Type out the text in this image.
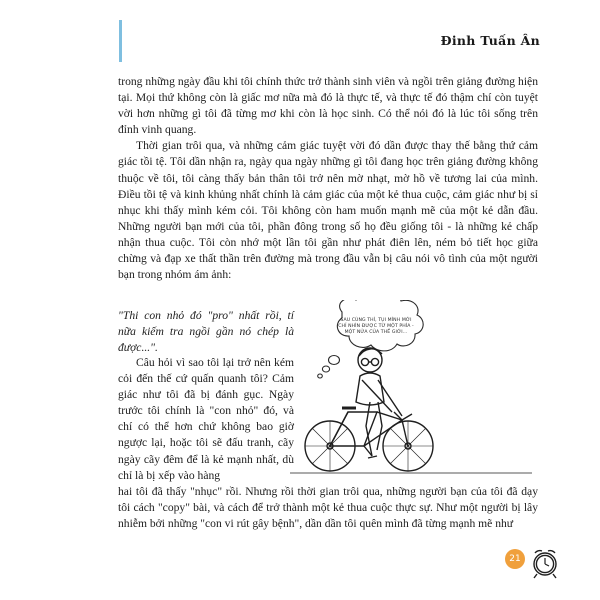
Đinh Tuấn Ân

trong những ngày đầu khi tôi chính thức trở thành sinh viên và ngồi trên giảng đường hiện tại. Mọi thứ không còn là giấc mơ nữa mà đó là thực tế, và thực tế đó thậm chí còn tuyệt vời hơn những gì tôi đã từng mơ khi còn là học sinh. Có thể nói đó là lúc tôi sống trên đỉnh vinh quang.

Thời gian trôi qua, và những cảm giác tuyệt vời đó dần được thay thế bằng thứ cảm giác tồi tệ. Tôi dần nhận ra, ngày qua ngày những gì tôi đang học trên giảng đường không thuộc về tôi, tôi càng thấy bản thân tôi trở nên mờ nhạt, mờ hồ về tương lai của mình. Điều tồi tệ và kinh khủng nhất chính là cảm giác của một kẻ thua cuộc, cảm giác như bị sỉ nhục khi thấy mình kém cỏi. Tôi không còn ham muốn mạnh mẽ của một kẻ dẫn đầu. Những người bạn mới của tôi, phần đông trong số họ đều giống tôi - là những kẻ chấp nhận thua cuộc. Tôi còn nhớ một lần tôi gần như phát điên lên, ném bỏ tiết học giữa chừng và đạp xe thất thần trên đường mà trong đầu vẫn bị câu nói vô tình của một người bạn trong nhóm ám ảnh:

"Thi con nhỏ đó "pro" nhất rồi, tí nữa kiếm tra ngồi gần nó chép là được...".

Câu hỏi vì sao tôi lại trở nên kém cỏi đến thế cứ quấn quanh tôi? Cảm giác như tôi đã bị đánh gục. Ngày trước tôi chính là "con nhỏ" đó, và chí có thể hơn chứ không bao giờ ngược lại, hoặc tôi sẽ đấu tranh, cãy ngày cãy đêm để là kẻ mạnh nhất, dù chỉ là bị xếp vào hàng

hai tôi đã thấy "nhục" rồi. Nhưng rồi thời gian trôi qua, những người bạn của tôi đã dạy tôi cách "copy" bài, và cách để trở thành một kẻ thua cuộc thực sự. Như một người bị lây nhiễm bởi những "con vi rút gây bệnh", dần dần tôi quên mình đã từng mạnh mẽ như

SAU CÙNG THÌ, TỤI MÌNH MỚI CHỈ NHÌN ĐƯỢC TỪ MỘT PHÍA - MỘT NỬA CỦA THẾ GIỚI...
21
